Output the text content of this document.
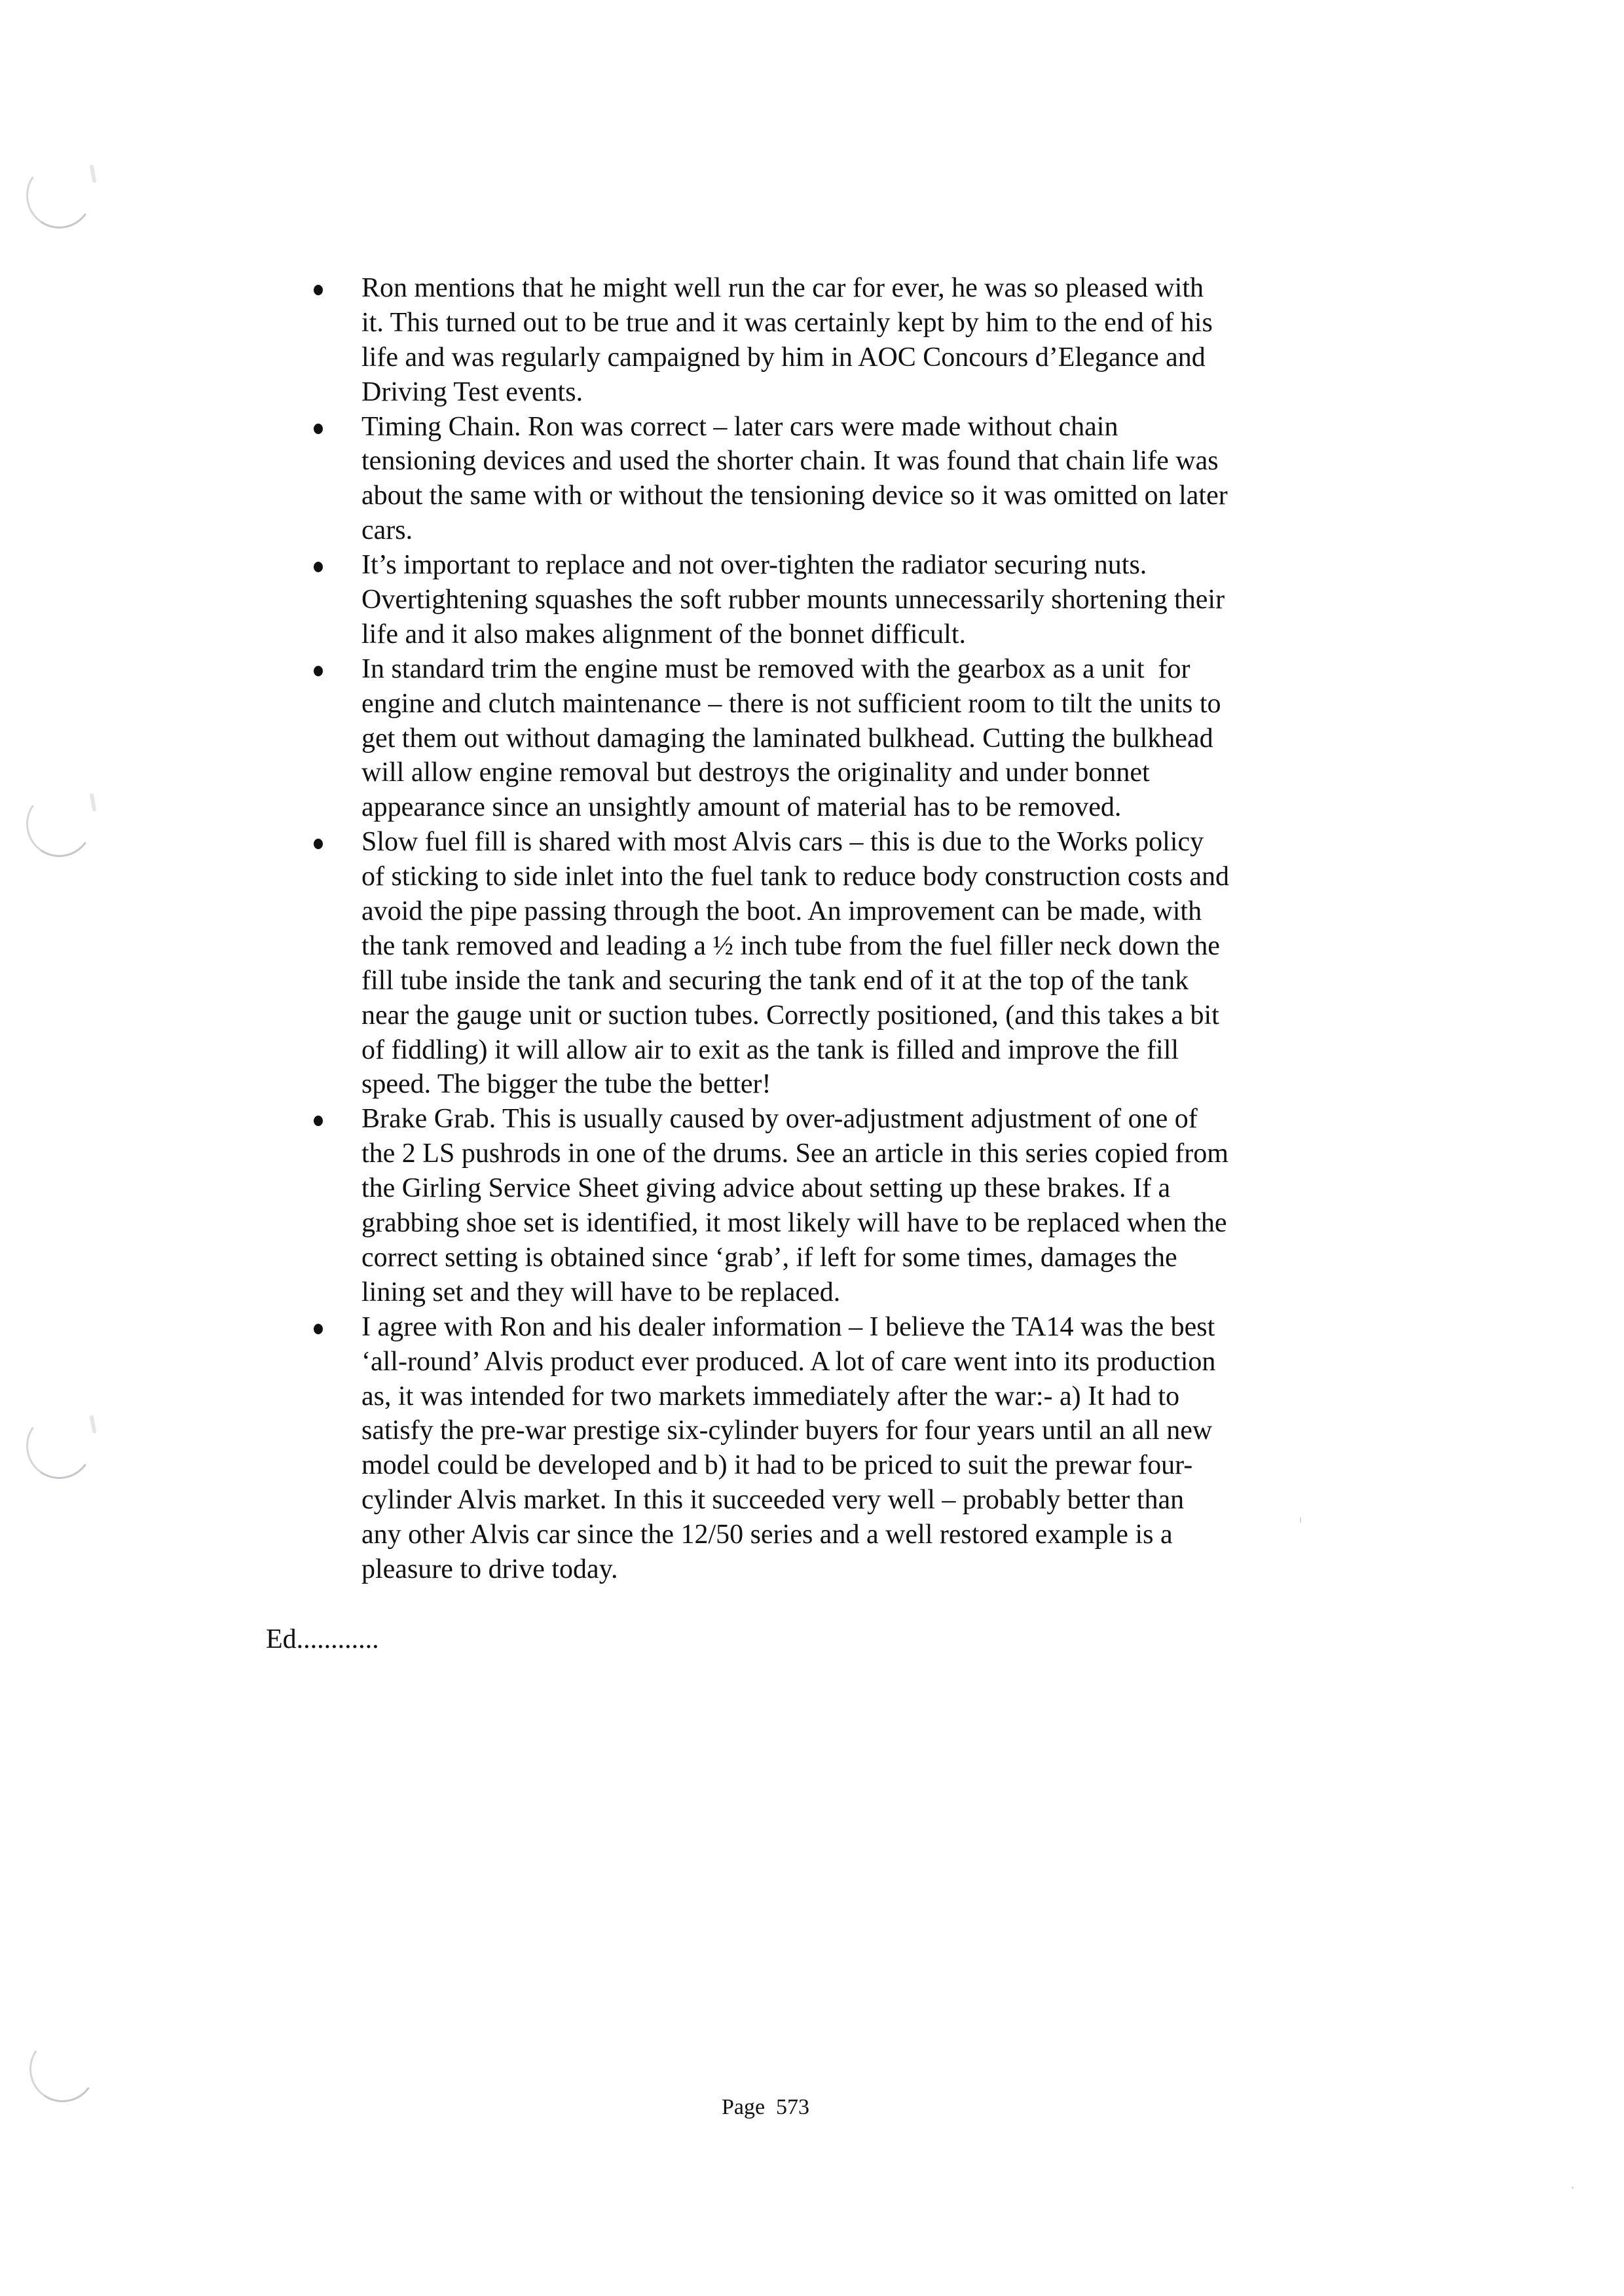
Ron mentions that he might well run the car for ever, he was so pleased with
it. This turned out to be true and it was certainly kept by him to the end of his
life and was regularly campaigned by him in AOC Concours d’Elegance and
Driving Test events.
Timing Chain. Ron was correct – later cars were made without chain
tensioning devices and used the shorter chain. It was found that chain life was
about the same with or without the tensioning device so it was omitted on later
cars.
It’s important to replace and not over-tighten the radiator securing nuts.
Overtightening squashes the soft rubber mounts unnecessarily shortening their
life and it also makes alignment of the bonnet difficult.
In standard trim the engine must be removed with the gearbox as a unit  for
engine and clutch maintenance – there is not sufficient room to tilt the units to
get them out without damaging the laminated bulkhead. Cutting the bulkhead
will allow engine removal but destroys the originality and under bonnet
appearance since an unsightly amount of material has to be removed.
Slow fuel fill is shared with most Alvis cars – this is due to the Works policy
of sticking to side inlet into the fuel tank to reduce body construction costs and
avoid the pipe passing through the boot. An improvement can be made, with
the tank removed and leading a ½ inch tube from the fuel filler neck down the
fill tube inside the tank and securing the tank end of it at the top of the tank
near the gauge unit or suction tubes. Correctly positioned, (and this takes a bit
of fiddling) it will allow air to exit as the tank is filled and improve the fill
speed. The bigger the tube the better!
Brake Grab. This is usually caused by over-adjustment adjustment of one of
the 2 LS pushrods in one of the drums. See an article in this series copied from
the Girling Service Sheet giving advice about setting up these brakes. If a
grabbing shoe set is identified, it most likely will have to be replaced when the
correct setting is obtained since ‘grab’, if left for some times, damages the
lining set and they will have to be replaced.
I agree with Ron and his dealer information – I believe the TA14 was the best
‘all-round’ Alvis product ever produced. A lot of care went into its production
as, it was intended for two markets immediately after the war:- a) It had to
satisfy the pre-war prestige six-cylinder buyers for four years until an all new
model could be developed and b) it had to be priced to suit the prewar four-
cylinder Alvis market. In this it succeeded very well – probably better than
any other Alvis car since the 12/50 series and a well restored example is a
pleasure to drive today.
Ed............

Page  573
